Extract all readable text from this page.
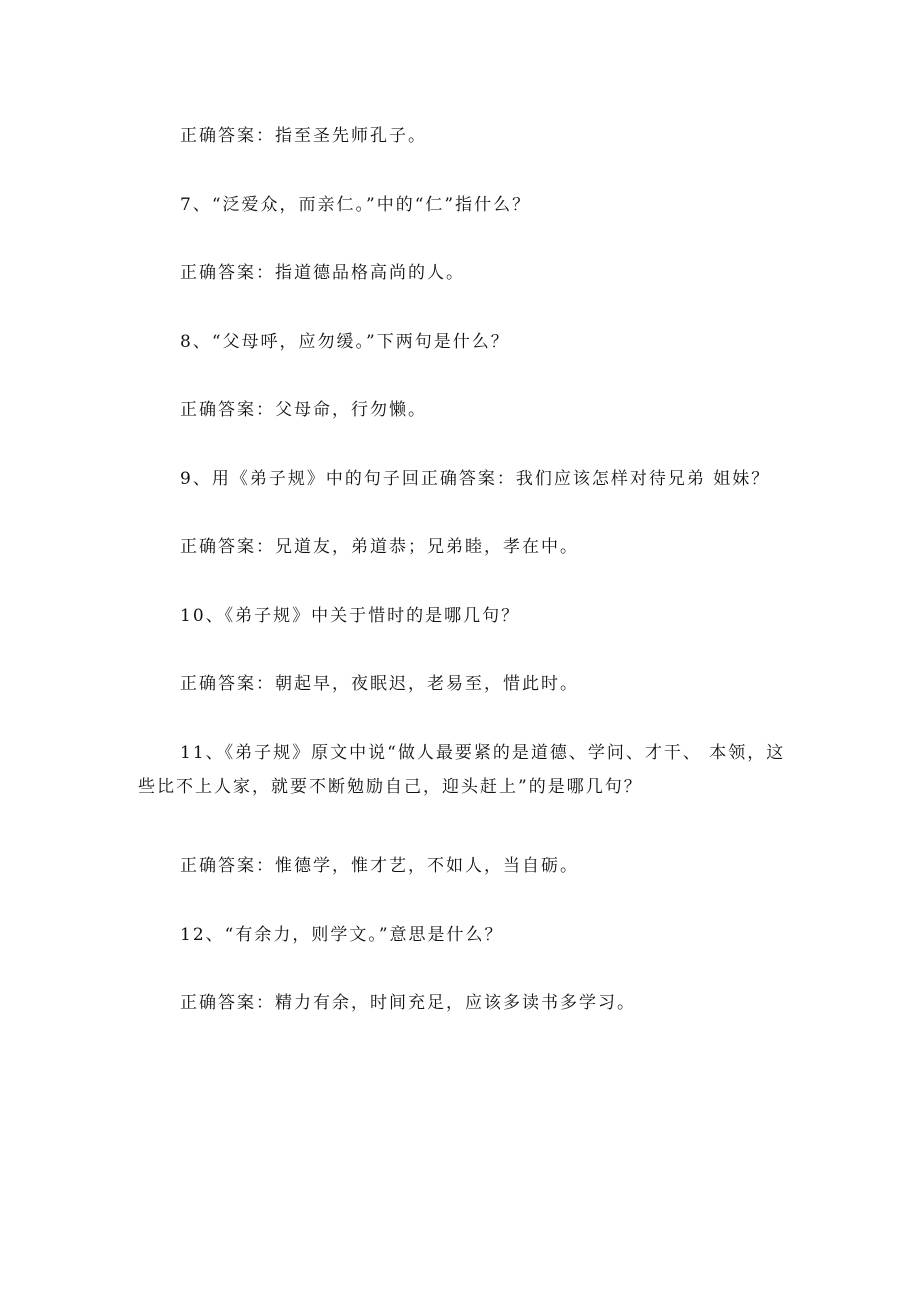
正确答案：指至圣先师孔子。
7、“泛爱众，而亲仁。”中的“仁”指什么？
正确答案：指道德品格高尚的人。
8、“父母呼，应勿缓。”下两句是什么？
正确答案：父母命，行勿懒。
9、用《弟子规》中的句子回正确答案：我们应该怎样对待兄弟 姐妹？
正确答案：兄道友，弟道恭；兄弟睦，孝在中。
10、《弟子规》中关于惜时的是哪几句？
正确答案：朝起早，夜眠迟，老易至，惜此时。
11、《弟子规》原文中说“做人最要紧的是道德、学问、才干、 本领，这些比不上人家，就要不断勉励自己，迎头赶上”的是哪几句？
正确答案：惟德学，惟才艺，不如人，当自砺。
12、“有余力，则学文。”意思是什么？
正确答案：精力有余，时间充足，应该多读书多学习。
